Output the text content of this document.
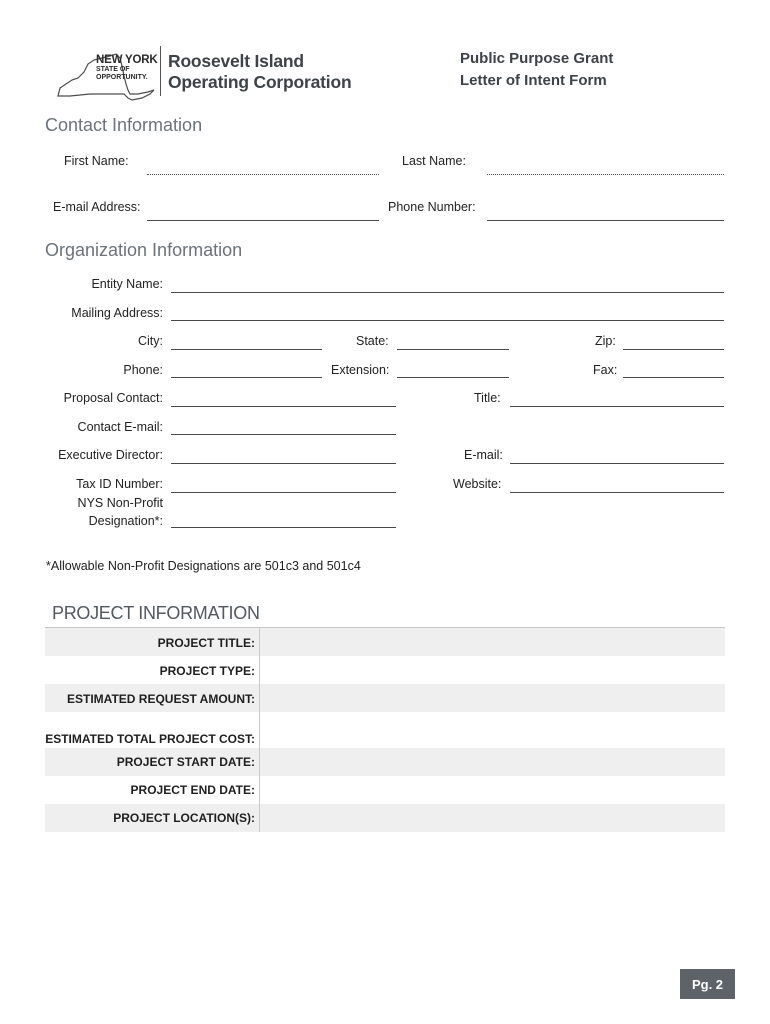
NEW YORK
STATE OF
OPPORTUNITY.
Roosevelt Island
Operating Corporation
Public Purpose Grant
Letter of Intent Form
Contact Information
First Name:	Last Name:
E-mail Address:	Phone Number:
Organization Information
Entity Name:
Mailing Address:
City:	State:	Zip:
Phone:	Extension:	Fax:
Proposal Contact:	Title:
Contact E-mail:
Executive Director:	E-mail:
Tax ID Number:	Website:
NYS Non-Profit
Designation*:
*Allowable Non-Profit Designations are 501c3 and 501c4
PROJECT INFORMATION
PROJECT TITLE:
PROJECT TYPE:
ESTIMATED REQUEST AMOUNT:
ESTIMATED TOTAL PROJECT COST:
PROJECT START DATE:
PROJECT END DATE:
PROJECT LOCATION(S):
Pg. 2
